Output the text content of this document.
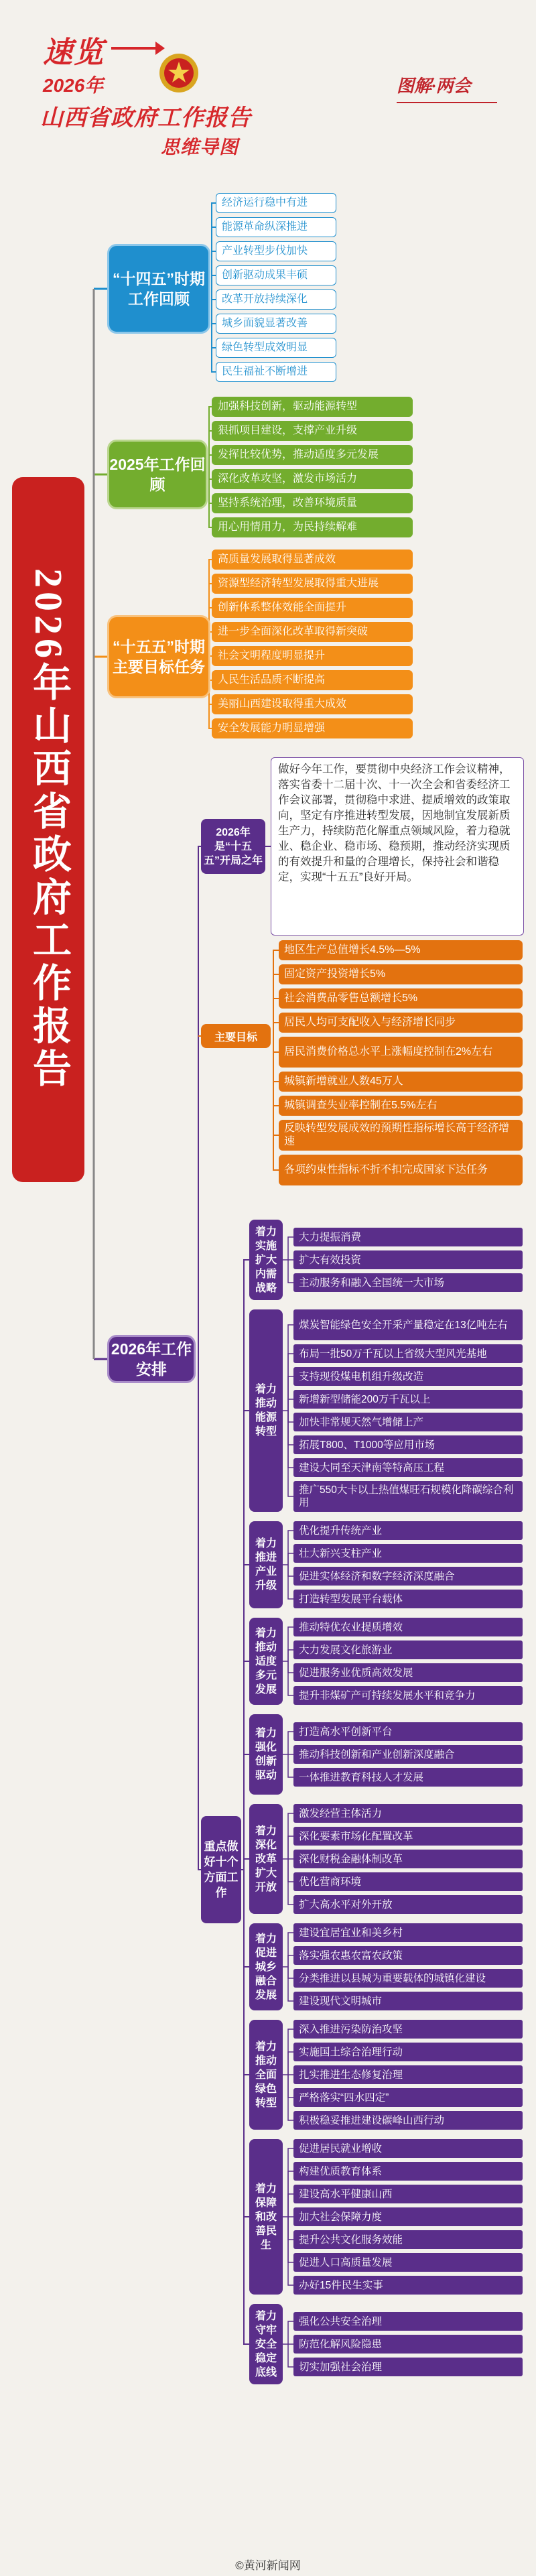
速览
2026年
山西省政府工作报告
思维导图
图解·两会
2026年山西省政府工作报告
“十四五”时期工作回顾
经济运行稳中有进
能源革命纵深推进
产业转型步伐加快
创新驱动成果丰硕
改革开放持续深化
城乡面貌显著改善
绿色转型成效明显
民生福祉不断增进
2025年工作回顾
加强科技创新，驱动能源转型
狠抓项目建设，支撑产业升级
发挥比较优势，推动适度多元发展
深化改革攻坚，激发市场活力
坚持系统治理，改善环境质量
用心用情用力，为民持续解难
“十五五”时期主要目标任务
高质量发展取得显著成效
资源型经济转型发展取得重大进展
创新体系整体效能全面提升
进一步全面深化改革取得新突破
社会文明程度明显提升
人民生活品质不断提高
美丽山西建设取得重大成效
安全发展能力明显增强
2026年工作安排
2026年是“十五五”开局之年
做好今年工作，要贯彻中央经济工作会议精神，落实省委十二届十次、十一次全会和省委经济工作会议部署，贯彻稳中求进、提质增效的政策取向，坚定有序推进转型发展，因地制宜发展新质生产力，持续防范化解重点领域风险，着力稳就业、稳企业、稳市场、稳预期，推动经济实现质的有效提升和量的合理增长，保持社会和谐稳定，实现“十五五”良好开局。
主要目标
地区生产总值增长4.5%—5%
固定资产投资增长5%
社会消费品零售总额增长5%
居民人均可支配收入与经济增长同步
居民消费价格总水平上涨幅度控制在2%左右
城镇新增就业人数45万人
城镇调查失业率控制在5.5%左右
反映转型发展成效的预期性指标增长高于经济增速
各项约束性指标不折不扣完成国家下达任务
重点做好十个方面工作
着力实施扩大内需战略
大力提振消费
扩大有效投资
主动服务和融入全国统一大市场
着力推动能源转型
煤炭智能绿色安全开采产量稳定在13亿吨左右
布局一批50万千瓦以上省级大型风光基地
支持现役煤电机组升级改造
新增新型储能200万千瓦以上
加快非常规天然气增储上产
拓展T800、T1000等应用市场
建设大同至天津南等特高压工程
推广550大卡以上热值煤旺石规模化降碳综合利用
着力推进产业升级
优化提升传统产业
壮大新兴支柱产业
促进实体经济和数字经济深度融合
打造转型发展平台载体
着力推动适度多元发展
推动特优农业提质增效
大力发展文化旅游业
促进服务业优质高效发展
提升非煤矿产可持续发展水平和竞争力
着力强化创新驱动
打造高水平创新平台
推动科技创新和产业创新深度融合
一体推进教育科技人才发展
着力深化改革扩大开放
激发经营主体活力
深化要素市场化配置改革
深化财税金融体制改革
优化营商环境
扩大高水平对外开放
着力促进城乡融合发展
建设宜居宜业和美乡村
落实强农惠农富农政策
分类推进以县城为重要载体的城镇化建设
建设现代文明城市
着力推动全面绿色转型
深入推进污染防治攻坚
实施国土综合治理行动
扎实推进生态修复治理
严格落实“四水四定”
积极稳妥推进建设碳峰山西行动
着力保障和改善民生
促进居民就业增收
构建优质教育体系
建设高水平健康山西
加大社会保障力度
提升公共文化服务效能
促进人口高质量发展
办好15件民生实事
着力守牢安全稳定底线
强化公共安全治理
防范化解风险隐患
切实加强社会治理
©黄河新闻网
